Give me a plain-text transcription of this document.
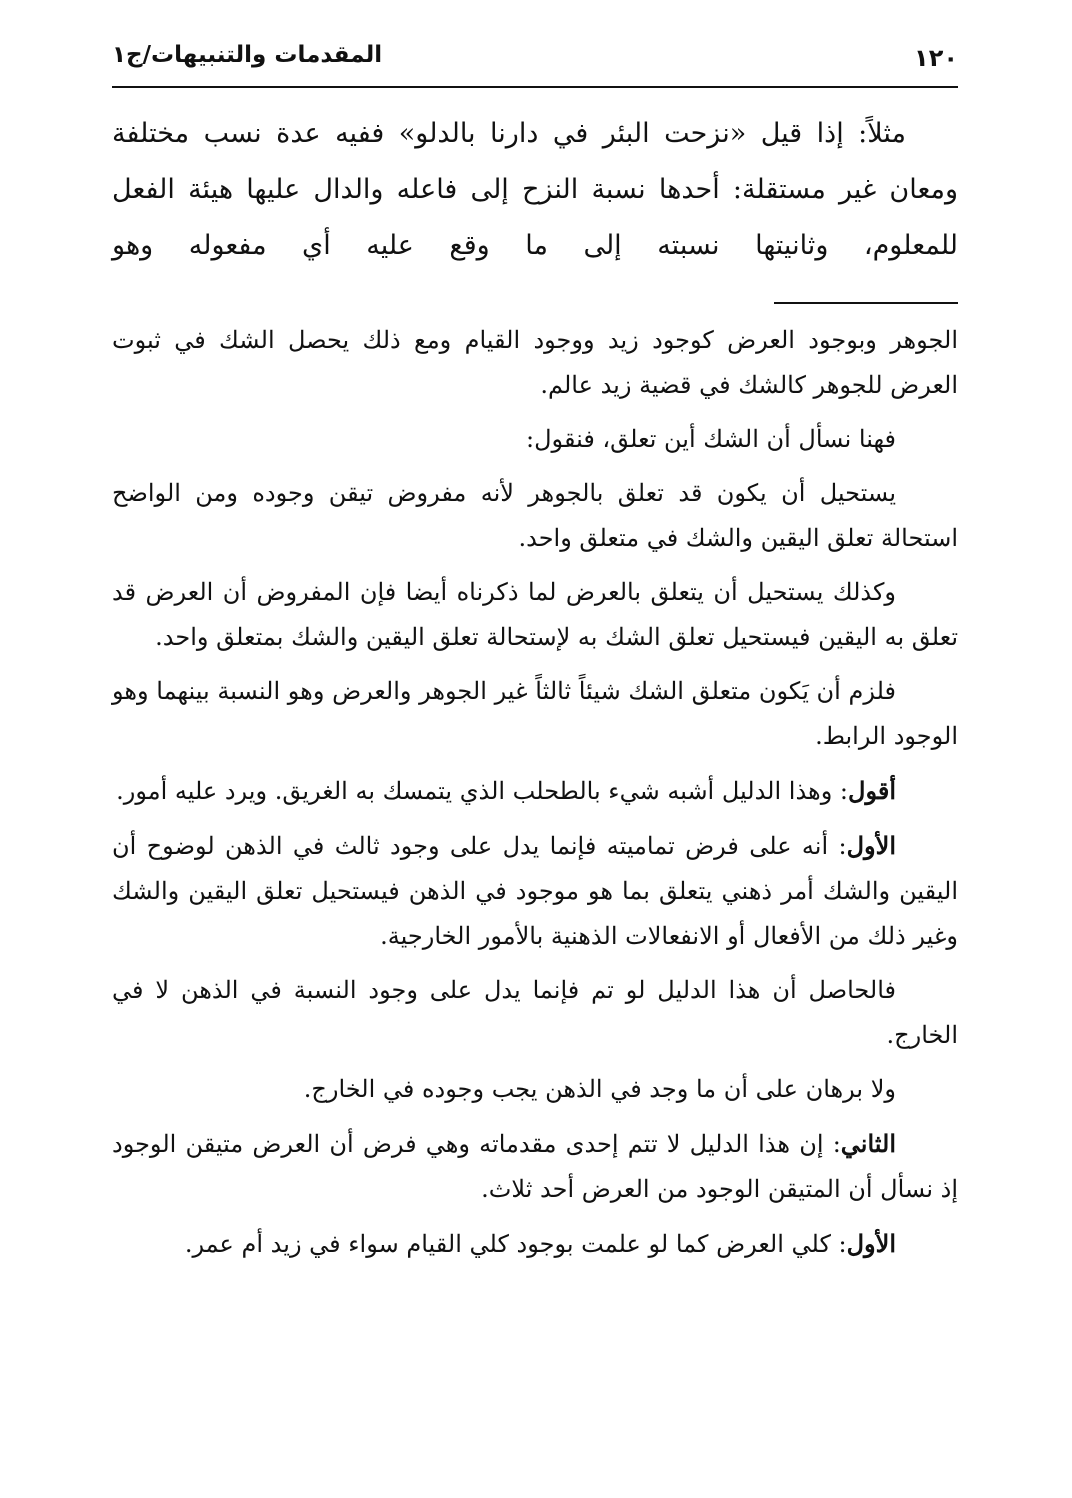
١٢٠
المقدمات والتنبيهات/ج١

مثلاً: إذا قيل «نزحت البئر في دارنا بالدلو» ففيه عدة نسب مختلفة ومعان غير مستقلة: أحدها نسبة النزح إلى فاعله والدال عليها هيئة الفعل للمعلوم، وثانيتها نسبته إلى ما وقع عليه أي مفعوله وهو

الجوهر وبوجود العرض كوجود زيد ووجود القيام ومع ذلك يحصل الشك في ثبوت العرض للجوهر كالشك في قضية زيد عالم.

فهنا نسأل أن الشك أين تعلق، فنقول:

يستحيل أن يكون قد تعلق بالجوهر لأنه مفروض تيقن وجوده ومن الواضح استحالة تعلق اليقين والشك في متعلق واحد.

وكذلك يستحيل أن يتعلق بالعرض لما ذكرناه أيضا فإن المفروض أن العرض قد تعلق به اليقين فيستحيل تعلق الشك به لإستحالة تعلق اليقين والشك بمتعلق واحد.

فلزم أن يَكون متعلق الشك شيئاً ثالثاً غير الجوهر والعرض وهو النسبة بينهما وهو الوجود الرابط.

أقول: وهذا الدليل أشبه شيء بالطحلب الذي يتمسك به الغريق. ويرد عليه أمور.

الأول: أنه على فرض تماميته فإنما يدل على وجود ثالث في الذهن لوضوح أن اليقين والشك أمر ذهني يتعلق بما هو موجود في الذهن فيستحيل تعلق اليقين والشك وغير ذلك من الأفعال أو الانفعالات الذهنية بالأمور الخارجية.

فالحاصل أن هذا الدليل لو تم فإنما يدل على وجود النسبة في الذهن لا في الخارج.

ولا برهان على أن ما وجد في الذهن يجب وجوده في الخارج.

الثاني: إن هذا الدليل لا تتم إحدى مقدماته وهي فرض أن العرض متيقن الوجود إذ نسأل أن المتيقن الوجود من العرض أحد ثلاث.

الأول: كلي العرض كما لو علمت بوجود كلي القيام سواء في زيد أم عمر.
